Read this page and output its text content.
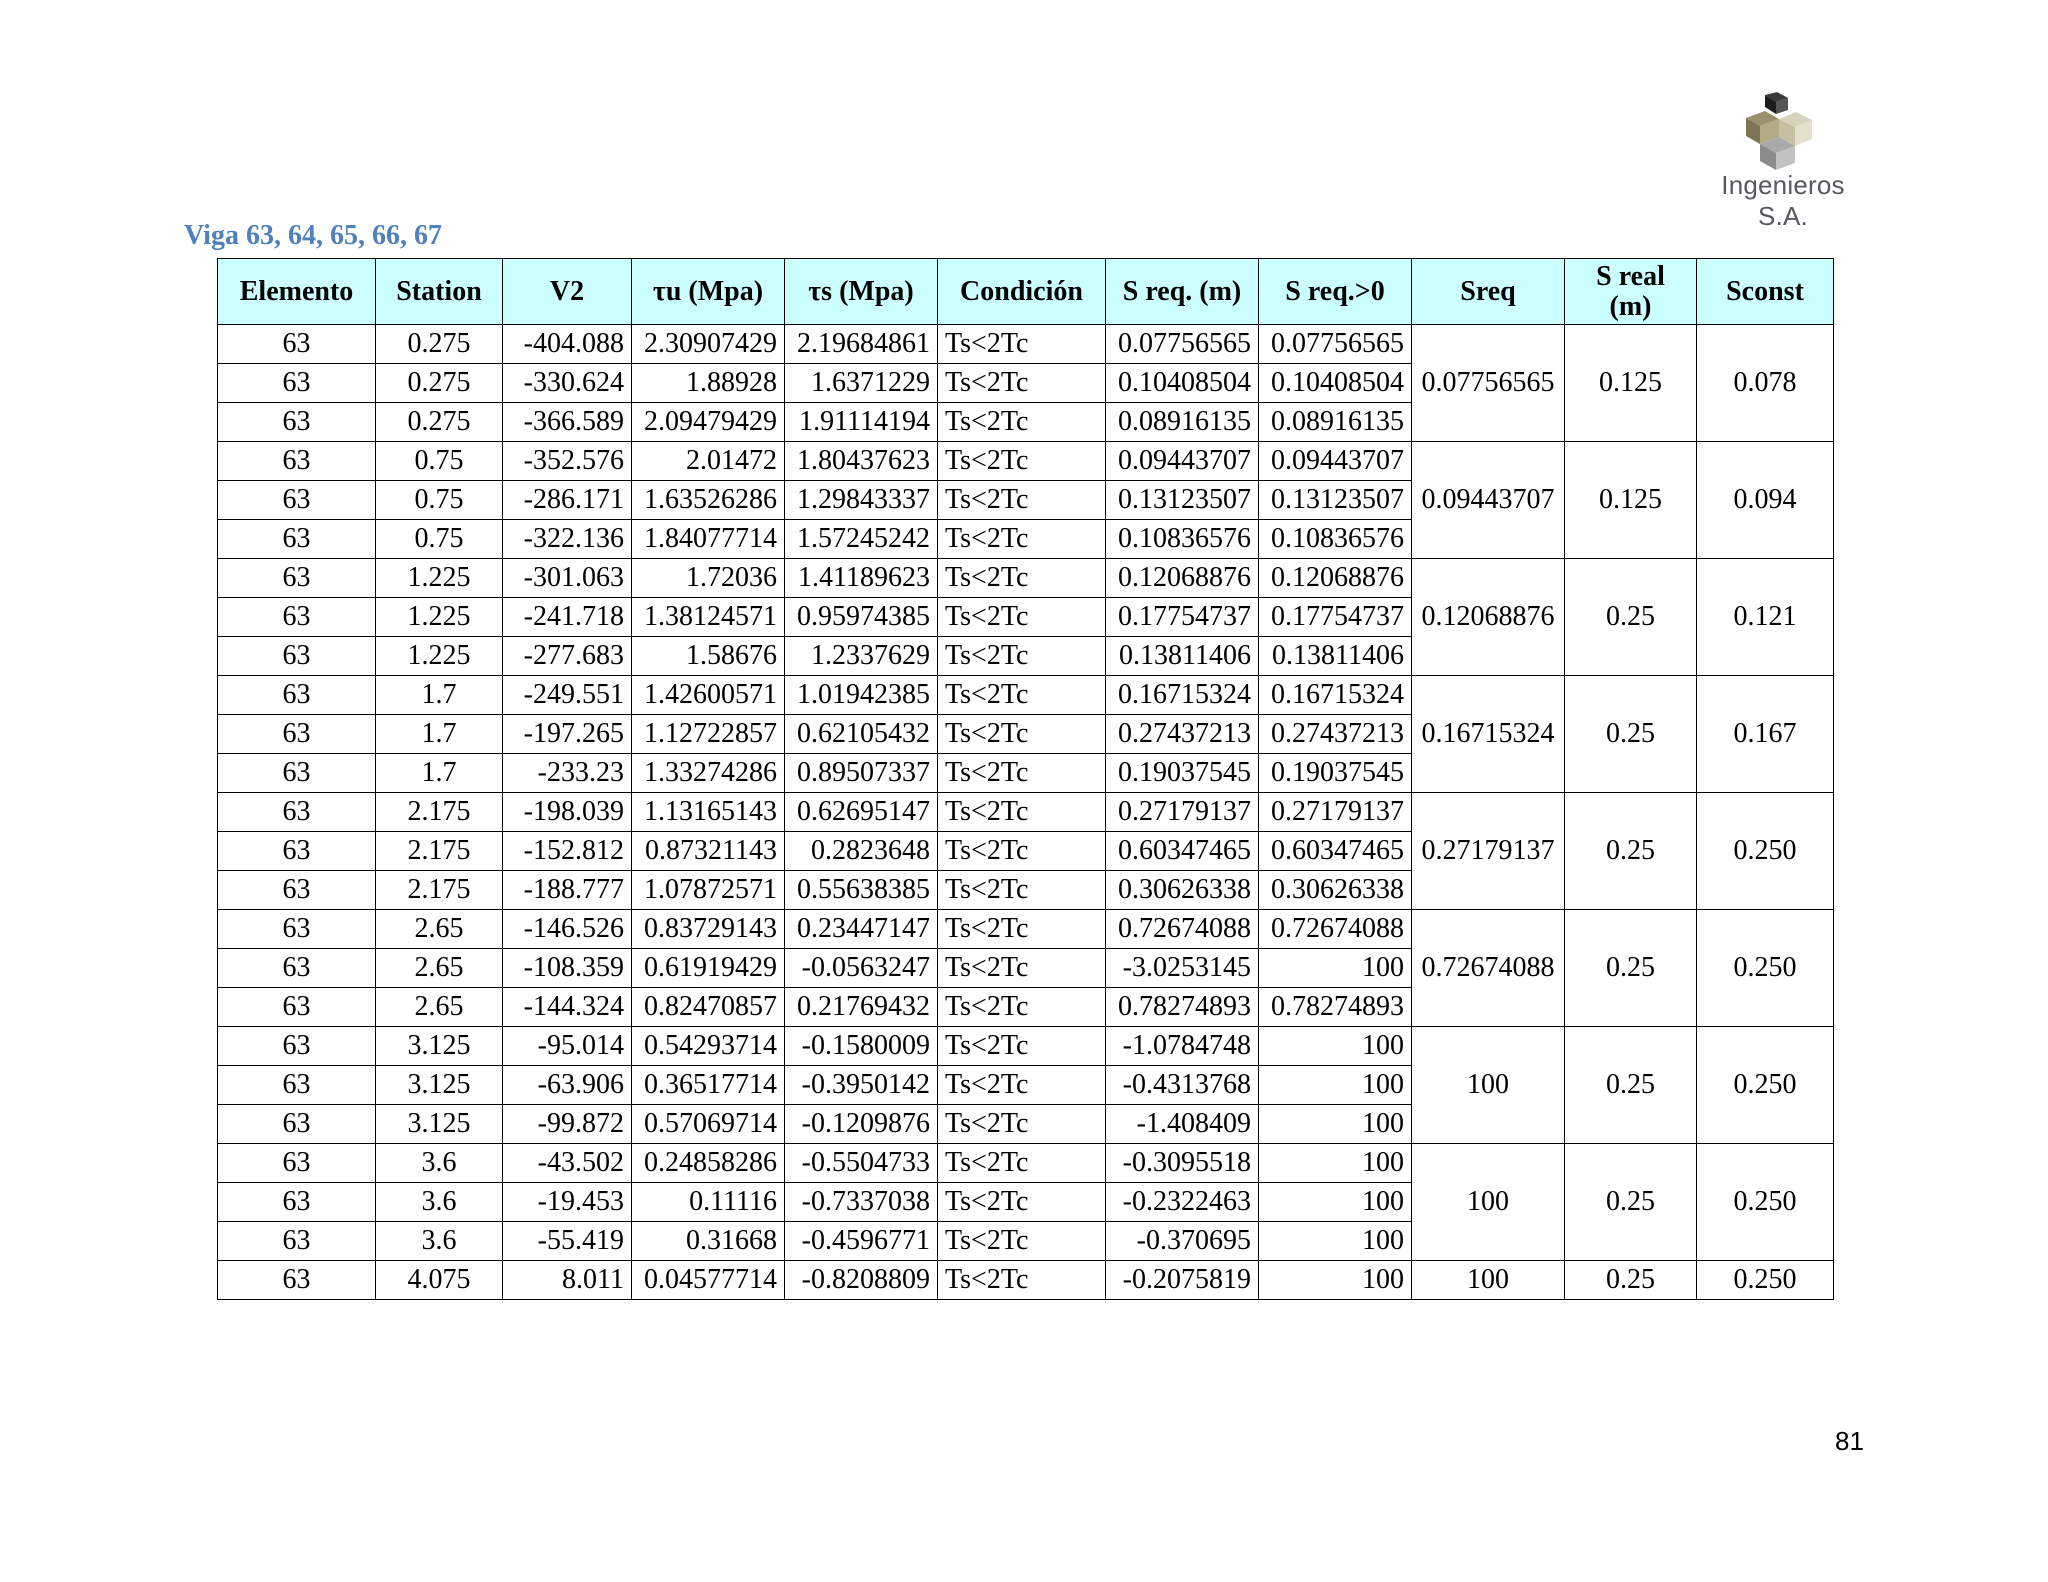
Ingenieros S.A.
Viga 63, 64, 65, 66, 67
Elemento	Station	V2	τu (Mpa)	τs (Mpa)	Condición	S req. (m)	S req.>0	Sreq	S real (m)	Sconst
63	0.275	-404.088	2.30907429	2.19684861	Ts<2Tc	0.07756565	0.07756565	0.07756565	0.125	0.078
63	0.275	-330.624	1.88928	1.6371229	Ts<2Tc	0.10408504	0.10408504			
63	0.275	-366.589	2.09479429	1.91114194	Ts<2Tc	0.08916135	0.08916135			
63	0.75	-352.576	2.01472	1.80437623	Ts<2Tc	0.09443707	0.09443707	0.09443707	0.125	0.094
63	0.75	-286.171	1.63526286	1.29843337	Ts<2Tc	0.13123507	0.13123507			
63	0.75	-322.136	1.84077714	1.57245242	Ts<2Tc	0.10836576	0.10836576			
63	1.225	-301.063	1.72036	1.41189623	Ts<2Tc	0.12068876	0.12068876	0.12068876	0.25	0.121
63	1.225	-241.718	1.38124571	0.95974385	Ts<2Tc	0.17754737	0.17754737			
63	1.225	-277.683	1.58676	1.2337629	Ts<2Tc	0.13811406	0.13811406			
63	1.7	-249.551	1.42600571	1.01942385	Ts<2Tc	0.16715324	0.16715324	0.16715324	0.25	0.167
63	1.7	-197.265	1.12722857	0.62105432	Ts<2Tc	0.27437213	0.27437213			
63	1.7	-233.23	1.33274286	0.89507337	Ts<2Tc	0.19037545	0.19037545			
63	2.175	-198.039	1.13165143	0.62695147	Ts<2Tc	0.27179137	0.27179137	0.27179137	0.25	0.250
63	2.175	-152.812	0.87321143	0.2823648	Ts<2Tc	0.60347465	0.60347465			
63	2.175	-188.777	1.07872571	0.55638385	Ts<2Tc	0.30626338	0.30626338			
63	2.65	-146.526	0.83729143	0.23447147	Ts<2Tc	0.72674088	0.72674088	0.72674088	0.25	0.250
63	2.65	-108.359	0.61919429	-0.0563247	Ts<2Tc	-3.0253145	100			
63	2.65	-144.324	0.82470857	0.21769432	Ts<2Tc	0.78274893	0.78274893			
63	3.125	-95.014	0.54293714	-0.1580009	Ts<2Tc	-1.0784748	100	100	0.25	0.250
63	3.125	-63.906	0.36517714	-0.3950142	Ts<2Tc	-0.4313768	100			
63	3.125	-99.872	0.57069714	-0.1209876	Ts<2Tc	-1.408409	100			
63	3.6	-43.502	0.24858286	-0.5504733	Ts<2Tc	-0.3095518	100	100	0.25	0.250
63	3.6	-19.453	0.11116	-0.7337038	Ts<2Tc	-0.2322463	100			
63	3.6	-55.419	0.31668	-0.4596771	Ts<2Tc	-0.370695	100			
63	4.075	8.011	0.04577714	-0.8208809	Ts<2Tc	-0.2075819	100	100	0.25	0.250
81
